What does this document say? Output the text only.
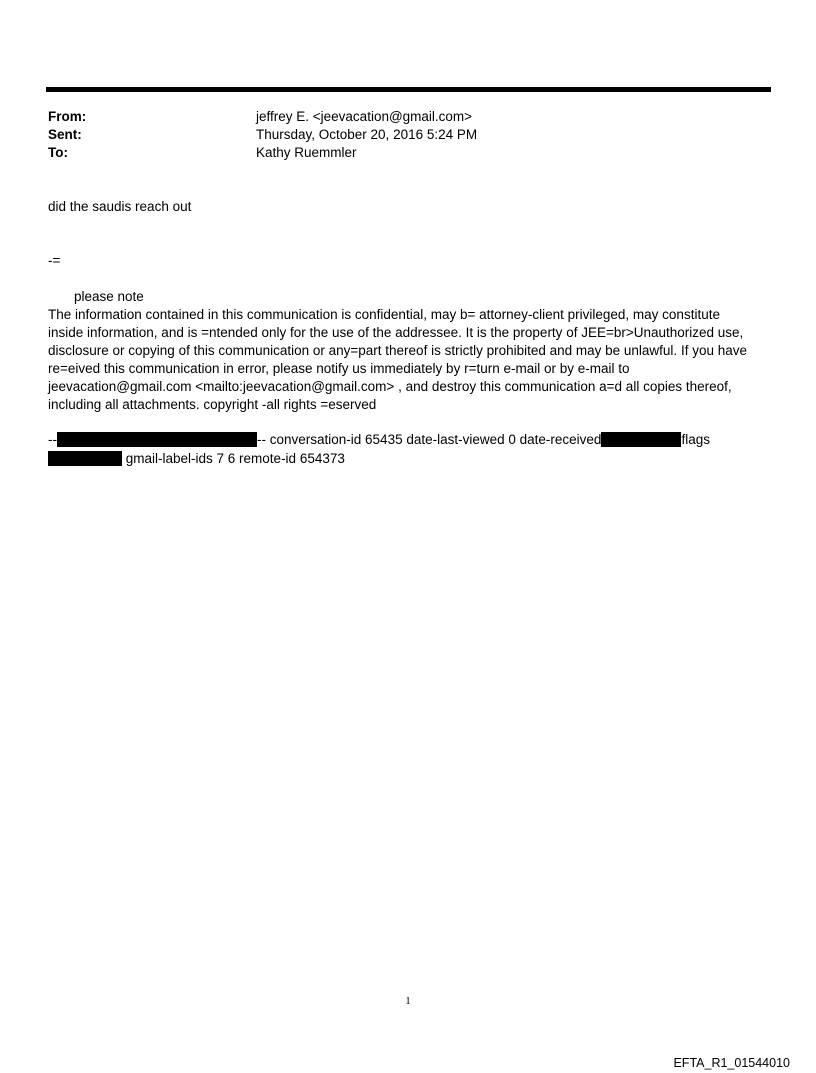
From:	jeffrey E. <jeevacation@gmail.com>
Sent:	Thursday, October 20, 2016 5:24 PM
To:	Kathy Ruemmler
did the saudis reach out
-=
please note
The information contained in this communication is confidential, may b= attorney-client privileged, may constitute
inside information, and is =ntended only for the use of the addressee. It is the property of JEE=br>Unauthorized use,
disclosure or copying of this communication or any=part thereof is strictly prohibited and may be unlawful. If you have
re=eived this communication in error, please notify us immediately by r=turn e-mail or by e-mail to
jeevacation@gmail.com <mailto:jeevacation@gmail.com> , and destroy this communication a=d all copies thereof,
including all attachments. copyright -all rights =eserved
--	-- conversation-id 65435 date-last-viewed 0 date-received	flags
gmail-label-ids 7 6 remote-id 654373
1
EFTA_R1_01544010
